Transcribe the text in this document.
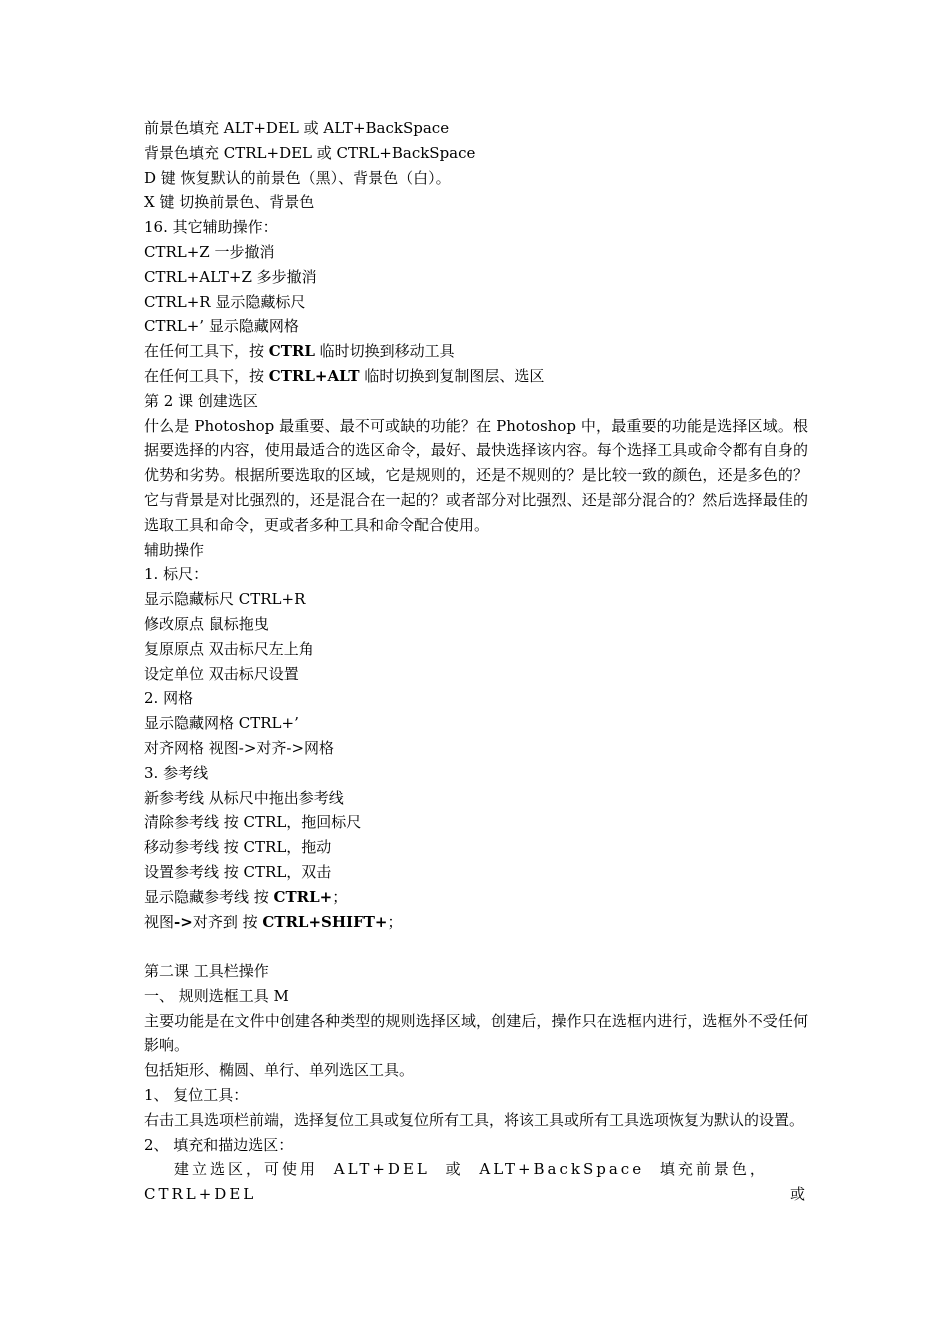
前景色填充 ALT+DEL 或 ALT+BackSpace
背景色填充 CTRL+DEL 或 CTRL+BackSpace
D 键 恢复默认的前景色（黑）、背景色（白）。
X 键 切换前景色、背景色
16. 其它辅助操作：
CTRL+Z 一步撤消
CTRL+ALT+Z 多步撤消
CTRL+R 显示隐藏标尺
CTRL+’ 显示隐藏网格
在任何工具下，按 CTRL 临时切换到移动工具
在任何工具下，按 CTRL+ALT 临时切换到复制图层、选区
第 2 课 创建选区
什么是 Photoshop 最重要、最不可或缺的功能？在 Photoshop 中，最重要的功能是选择区域。根据要选择的内容，使用最适合的选区命令，最好、最快选择该内容。每个选择工具或命令都有自身的优势和劣势。根据所要选取的区域，它是规则的，还是不规则的？是比较一致的颜色，还是多色的？它与背景是对比强烈的，还是混合在一起的？或者部分对比强烈、还是部分混合的？然后选择最佳的选取工具和命令，更或者多种工具和命令配合使用。
辅助操作
1. 标尺：
显示隐藏标尺 CTRL+R
修改原点 鼠标拖曳
复原原点 双击标尺左上角
设定单位 双击标尺设置
2. 网格
显示隐藏网格 CTRL+’
对齐网格 视图->对齐->网格
3. 参考线
新参考线 从标尺中拖出参考线
清除参考线 按 CTRL，拖回标尺
移动参考线 按 CTRL，拖动
设置参考线 按 CTRL，双击
显示隐藏参考线 按 CTRL+；
视图->对齐到 按 CTRL+SHIFT+；
第二课 工具栏操作
一、 规则选框工具 M
主要功能是在文件中创建各种类型的规则选择区域，创建后，操作只在选框内进行，选框外不受任何影响。
包括矩形、椭圆、单行、单列选区工具。
1、 复位工具：
右击工具选项栏前端，选择复位工具或复位所有工具，将该工具或所有工具选项恢复为默认的设置。
2、 填充和描边选区：
建立选区，可使用 ALT+DEL 或 ALT+BackSpace 填充前景色，CTRL+DEL 或
